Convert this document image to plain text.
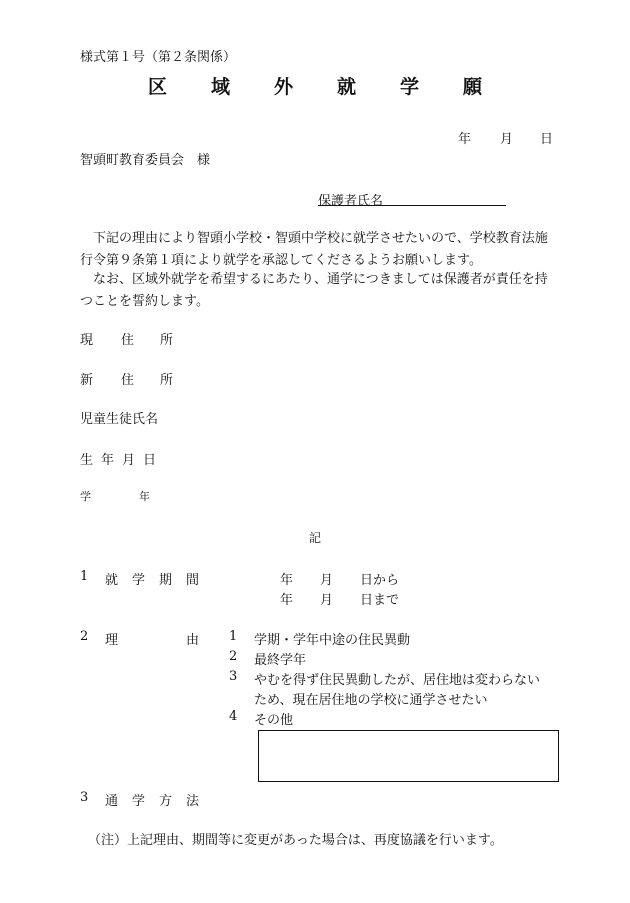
様式第１号（第２条関係）
区 域 外 就 学 願
年 月 日
智頭町教育委員会　様
保護者氏名
下記の理由により智頭小学校・智頭中学校に就学させたいので、学校教育法施行令第９条第１項により就学を承認してくださるようお願いします。
なお、区域外就学を希望するにあたり、通学につきましては保護者が責任を持つことを誓約します。
現 住 所
新 住 所
児童生徒氏名
生 年 月 日
学	年
記
1 就 学 期 間	年 月 日から
年 月 日まで
2 理	由 1 学期・学年中途の住民異動
2 最終学年
3 やむを得ず住民異動したが、居住地は変わらない
ため、現在居住地の学校に通学させたい
4 その他
3 通 学 方 法
（注）上記理由、期間等に変更があった場合は、再度協議を行います。
